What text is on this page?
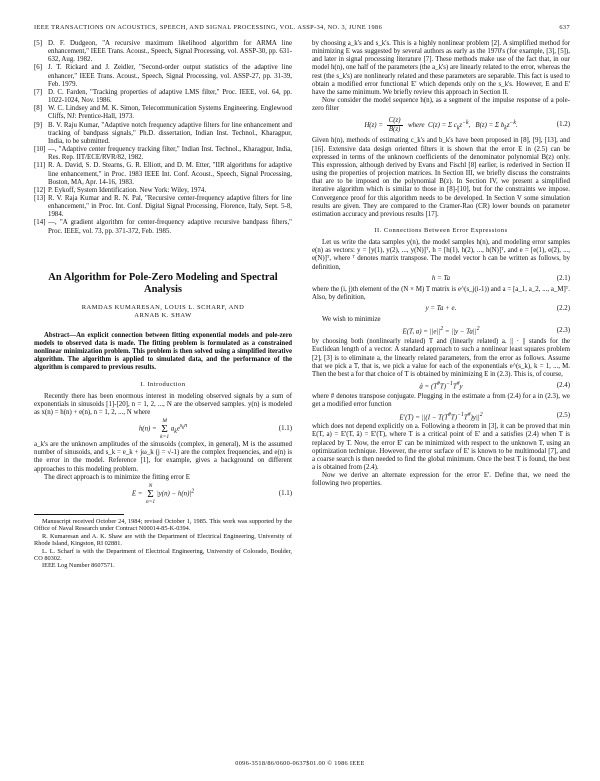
IEEE TRANSACTIONS ON ACOUSTICS, SPEECH, AND SIGNAL PROCESSING, VOL. ASSP-34, NO. 3, JUNE 1986	637
[5] D. F. Dudgeon, "A recursive maximum likelihood algorithm for ARMA line enhancement," IEEE Trans. Acoust., Speech, Signal Processing, vol. ASSP-30, pp. 631-632, Aug. 1982.
[6] J. T. Rickard and J. Zeidler, "Second-order output statistics of the adaptive line enhancer," IEEE Trans. Acoust., Speech, Signal Processing, vol. ASSP-27, pp. 31-39, Feb. 1979.
[7] D. C. Farden, "Tracking properties of adaptive LMS filter," Proc. IEEE, vol. 64, pp. 1022-1024, Nov. 1986.
[8] W. C. Lindsey and M. K. Simon, Telecommunication Systems Engineering. Englewood Cliffs, NJ: Prentice-Hall, 1973.
[9] B. V. Raju Kumar, "Adaptive notch frequency adaptive filters for line enhancement and tracking of bandpass signals," Ph.D. dissertation, Indian Inst. Technol., Kharagpur, India, to be submitted.
[10] —, "Adaptive center frequency tracking filter," Indian Inst. Technol., Kharagpur, India, Res. Rep. IIT/ECE/RVR/82, 1982.
[11] R. A. David, S. D. Stearns, G. R. Elliott, and D. M. Etter, "IIR algorithms for adaptive line enhancement," in Proc. 1983 IEEE Int. Conf. Acoust., Speech, Signal Processing, Boston, MA, Apr. 14-16, 1983.
[12] P. Eykoff, System Identification. New York: Wiley, 1974.
[13] R. V. Raja Kumar and R. N. Pal, "Recursive center-frequency adaptive filters for line enhancement," in Proc. Int. Conf. Digital Signal Processing, Florence, Italy, Sept. 5-8, 1984.
[14] —, "A gradient algorithm for center-frequency adaptive recursive bandpass filters," Proc. IEEE, vol. 73, pp. 371-372, Feb. 1985.
An Algorithm for Pole-Zero Modeling and Spectral Analysis
RAMDAS KUMARESAN, LOUIS L. SCHARF, AND
ARNAB K. SHAW

Abstract—An explicit connection between fitting exponential models and pole-zero models to observed data is made. The fitting problem is formulated as a constrained nonlinear minimization problem. This problem is then solved using a simplified iterative algorithm. The algorithm is applied to simulated data, and the performance of the algorithm is compared to previous results.

I. Introduction

Recently there has been enormous interest in modeling observed signals by a sum of exponentials in sinusoids [1]-[20], n = 1, 2, ..., N are the observed samples. y(n) is modeled as x(n) = h(n) + e(n), n = 1, 2, ..., N where

h(n) =
M
Σ
k=1
$a_ke^{s_kn}$	(1.1)

a_k's are the unknown amplitudes of the sinusoids (complex, in general), M is the assumed number of sinusoids, and s_k = e_k + jω_k (j = √-1) are the complex frequencies, and e(n) is the error in the model. Reference [1], for example, gives a background on different approaches to this modeling problem.

The direct approach is to minimize the fitting error E

E =
N
Σ
n=1
$|y(n) - h(n)|^2$	(1.1)

Manuscript received October 24, 1984; revised October 1, 1985. This work was supported by the Office of Naval Research under Contract N00014-85-K-0394.

R. Kumaresan and A. K. Shaw are with the Department of Electrical Engineering, University of Rhode Island, Kingston, RI 02881.

L. L. Scharf is with the Department of Electrical Engineering, University of Colorado, Boulder, CO 80302.

IEEE Log Number 8607571.

by choosing a_k's and s_k's. This is a highly nonlinear problem [2]. A simplified method for minimizing E was suggested by several authors as early as the 1970's (for example, [3], [5]), and later in signal processing literature [7]. These methods make use of the fact that, in our model h(n), one half of the parameters (the a_k's) are linearly related to the error, whereas the rest (the s_k's) are nonlinearly related and these parameters are separable. This fact is used to obtain a modified error functional E' which depends only on the s_k's. However, E and E' have the same minimum. We briefly review this approach in Section II.

Now consider the model sequence h(n), as a segment of the impulse response of a pole-zero filter

$H(z) = \frac{C(z)}{B(z)}$ where  C(z) = Σ $c_kz^{-k}$,   B(z) = Σ $b_kz^{-k}$.	(1.2)

Given h(n), methods of estimating c_k's and b_k's have been proposed in [8], [9], [13], and [16]. Extensive data design oriented filters it is shown that the error E in (2.5) can be expressed in terms of the unknown coefficients of the denominator polynomial B(z) only. This expression, although derived by Evans and Fischl [8] earlier, is rederived in Section II using the properties of projection matrices. In Section III, we briefly discuss the constraints that are to be imposed on the polynomial B(z). In Section IV, we present a simplified iterative algorithm which is similar to those in [8]-[10], but for the constraints we impose. Convergence proof for this algorithm needs to be developed. In Section V some simulation results are given. They are compared to the Cramer-Rao (CR) lower bounds on parameter estimation accuracy and previous results [17].

II. Connections Between Error Expressions

Let us write the data samples y(n), the model samples h(n), and modeling error samples e(n) as vectors: y = [y(1), y(2), ..., y(N)]ᵀ, h = [h(1), h(2), ..., h(N)]ᵀ, and e = [e(1), e(2), ..., e(N)]ᵀ, where ᵀ denotes matrix transpose. The model vector h can be written as follows, by definition,

h = Ta	(2.1)

where the (i, j)th element of the (N × M) T matrix is e^(s_j(i-1)) and a = [a_1, a_2, ..., a_M]ᵀ. Also, by definition,

y = Ta + e.	(2.2)

We wish to minimize

E(T, $a) = ||e||^2 = ||y - Ta||^2$	(2.3)

by choosing both (nonlinearly related) T and (linearly related) a. || · || stands for the Euclidean length of a vector. A standard approach to such a nonlinear least squares problem [2], [3] is to eliminate a, the linearly related parameters, from the error as follows. Assume that we pick a T, that is, we pick a value for each of the exponentials e^(s_k), k = 1, ..., M. Then the best a for that choice of T is obtained by minimizing E in (2.3). This is, of course,

â = $(T^{\#}T)^{-1}T^{\#}y$	(2.4)

where # denotes transpose conjugate. Plugging in the estimate a from (2.4) for a in (2.3), we get a modified error function

$E'(T) = ||(I - T(T^{\#}T)^{-1}T^{\#})y||^2$	(2.5)

which does not depend explicitly on a. Following a theorem in [3], it can be proved that min E(T, a) = E'(T, â) = E'(T), where T is a critical point of E' and a satisfies (2.4) when T is replaced by T. Now, the error E' can be minimized with respect to the unknown T, using an optimization technique. However, the error surface of E' is known to be multimodal [7], and a coarse search is then needed to find the global minimum. Once the best T is found, the best a is obtained from (2.4).

Now we derive an alternate expression for the error E'. Define that, we need the following two properties.

0096-3518/86/0600-0637$01.00 © 1986 IEEE
